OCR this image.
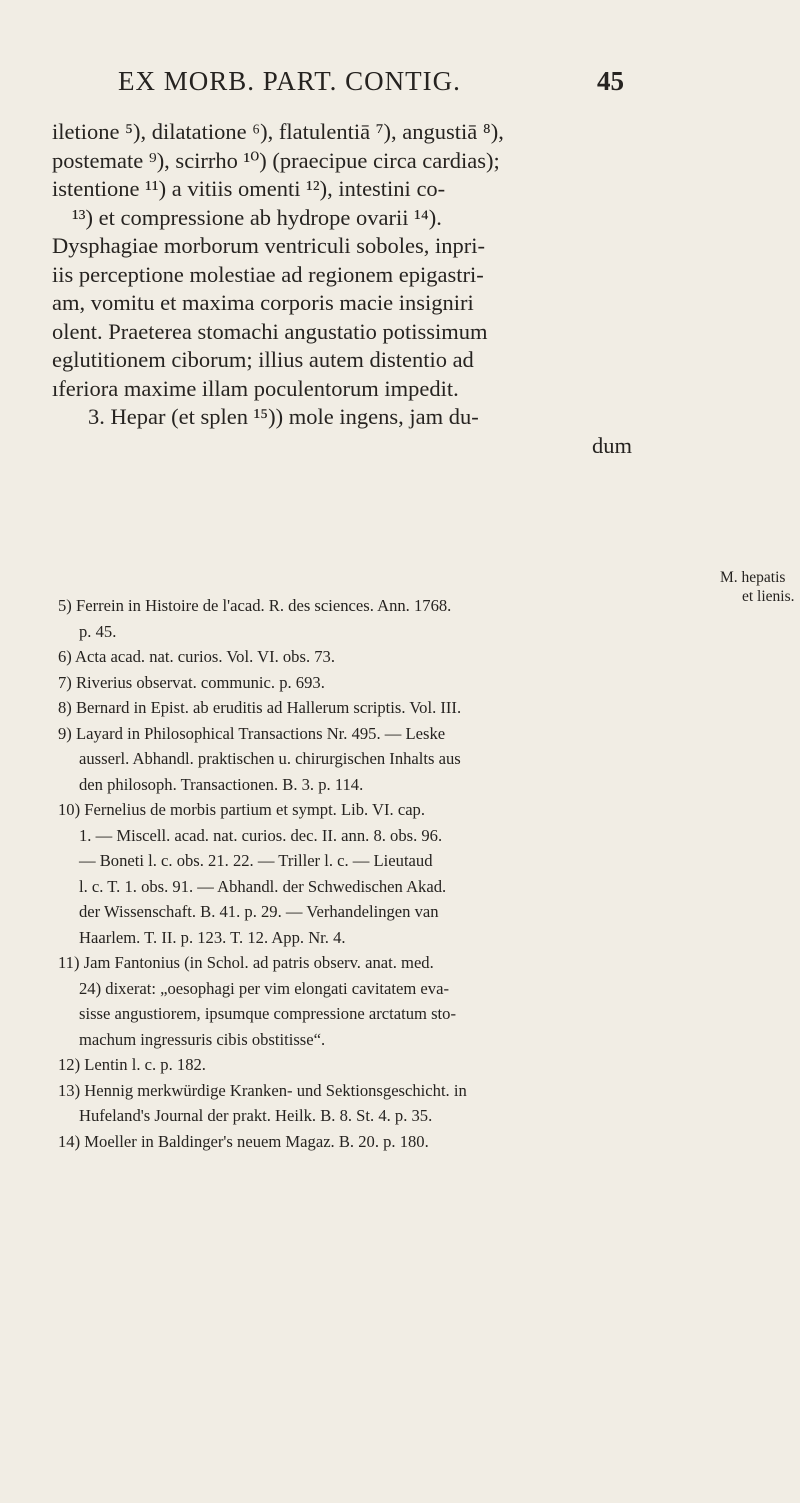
EX MORB. PART. CONTIG.	45
iletione ⁵), dilatatione ⁶), flatulentiā ⁷), angustiā ⁸),
postemate ⁹), scirrho ¹⁰) (praecipue circa cardias);
istentione ¹¹) a vitiis omenti ¹²), intestini co-
¹³) et compressione ab hydrope ovarii ¹⁴).
Dysphagiae morborum ventriculi soboles, inpri-
iis perceptione molestiae ad regionem epigastri-
am, vomitu et maxima corporis macie insigniri
olent. Praeterea stomachi angustatio potissimum
eglutitionem ciborum; illius autem distentio ad
ıferiora maxime illam poculentorum impedit.
3. Hepar (et splen ¹⁵)) mole ingens, jam du-
dum
M. hepatis
et lienis.
5) Ferrein in Histoire de l'acad. R. des sciences. Ann. 1768.
p. 45.
6) Acta acad. nat. curios. Vol. VI. obs. 73.
7) Riverius observat. communic. p. 693.
8) Bernard in Epist. ab eruditis ad Hallerum scriptis. Vol. III.
9) Layard in Philosophical Transactions Nr. 495. — Leske
ausserl. Abhandl. praktischen u. chirurgischen Inhalts aus
den philosoph. Transactionen. B. 3. p. 114.
10) Fernelius de morbis partium et sympt. Lib. VI. cap.
1. — Miscell. acad. nat. curios. dec. II. ann. 8. obs. 96.
— Boneti l. c. obs. 21. 22. — Triller l. c. — Lieutaud
l. c. T. 1. obs. 91. — Abhandl. der Schwedischen Akad.
der Wissenschaft. B. 41. p. 29. — Verhandelingen van
Haarlem. T. II. p. 123. T. 12. App. Nr. 4.
11) Jam Fantonius (in Schol. ad patris observ. anat. med.
24) dixerat: „oesophagi per vim elongati cavitatem eva-
sisse angustiorem, ipsumque compressione arctatum sto-
machum ingressuris cibis obstitisse“.
12) Lentin l. c. p. 182.
13) Hennig merkwürdige Kranken- und Sektionsgeschicht. in
Hufeland's Journal der prakt. Heilk. B. 8. St. 4. p. 35.
14) Moeller in Baldinger's neuem Magaz. B. 20. p. 180.
